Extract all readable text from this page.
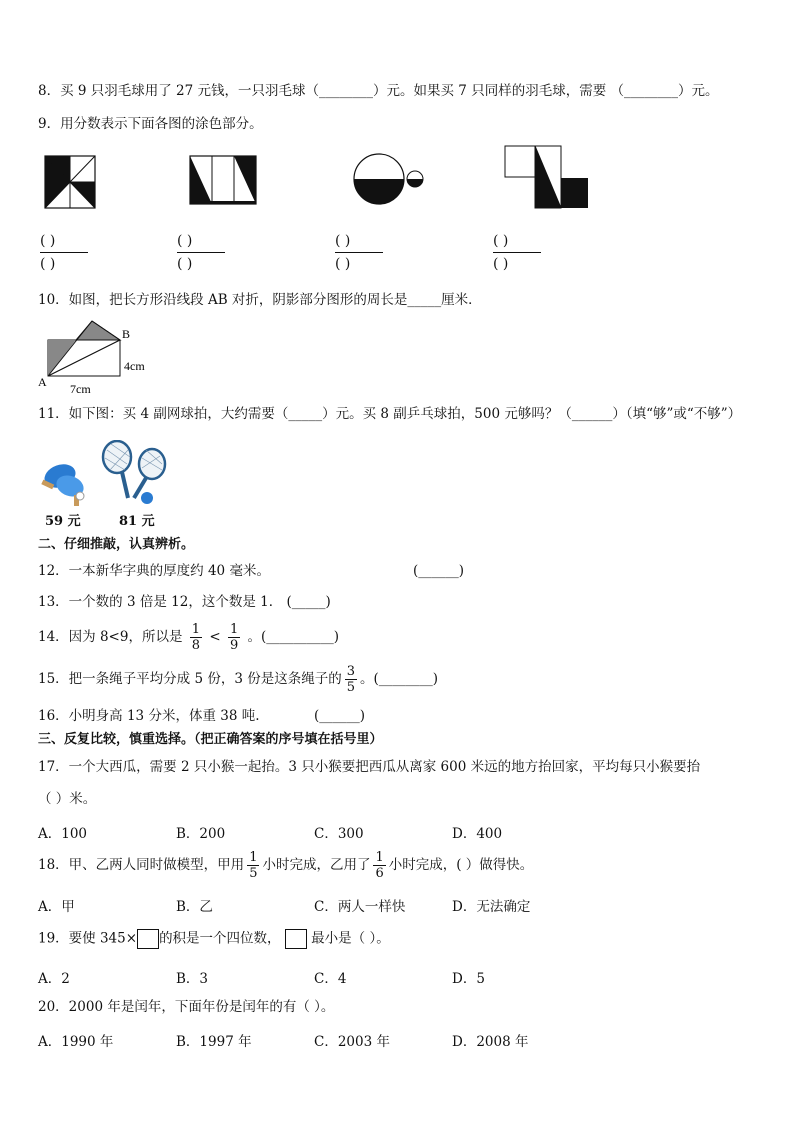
8．买 9 只羽毛球用了 27 元钱，一只羽毛球（________）元。如果买 7 只同样的羽毛球，需要 （________）元。
9．用分数表示下面各图的涂色部分。
( )
( )
( )
( )
( )
( )
( )
( )
10．如图，把长方形沿线段 AB 对折，阴影部分图形的周长是_____厘米．
A
B
4cm
7cm
11．如下图：买 4 副网球拍，大约需要（_____）元。买 8 副乒乓球拍，500 元够吗？（______）（填“够”或“不够”）
59 元	81 元
二、仔细推敲，认真辨析。
12．一本新华字典的厚度约 40 毫米。	(______)
13．一个数的 3 倍是 12，这个数是 1． (_____)
14．因为 8<9，所以是 $\frac{1}{8} < \frac{1}{9}$ 。(__________)
15．把一条绳子平均分成 5 份，3 份是这条绳子的 $\frac{3}{5}$ 。(________)
16．小明身高 13 分米，体重 38 吨.	(______)
三、反复比较，慎重选择。（把正确答案的序号填在括号里）
17．一个大西瓜，需要 2 只小猴一起抬。3 只小猴要把西瓜从离家 600 米远的地方抬回家，平均每只小猴要抬
（ ）米。
A．100	B．200	C．300	D．400
18．甲、乙两人同时做模型，甲用 $\frac{1}{5}$ 小时完成，乙用了 $\frac{1}{6}$ 小时完成，( ）做得快。
A．甲	B．乙	C．两人一样快	D．无法确定
19．要使 345× 的积是一个四位数， 最小是（ ）。
A．2	B．3	C．4	D．5
20．2000 年是闰年，下面年份是闰年的有（ ）。
A．1990 年	B．1997 年	C．2003 年	D．2008 年
